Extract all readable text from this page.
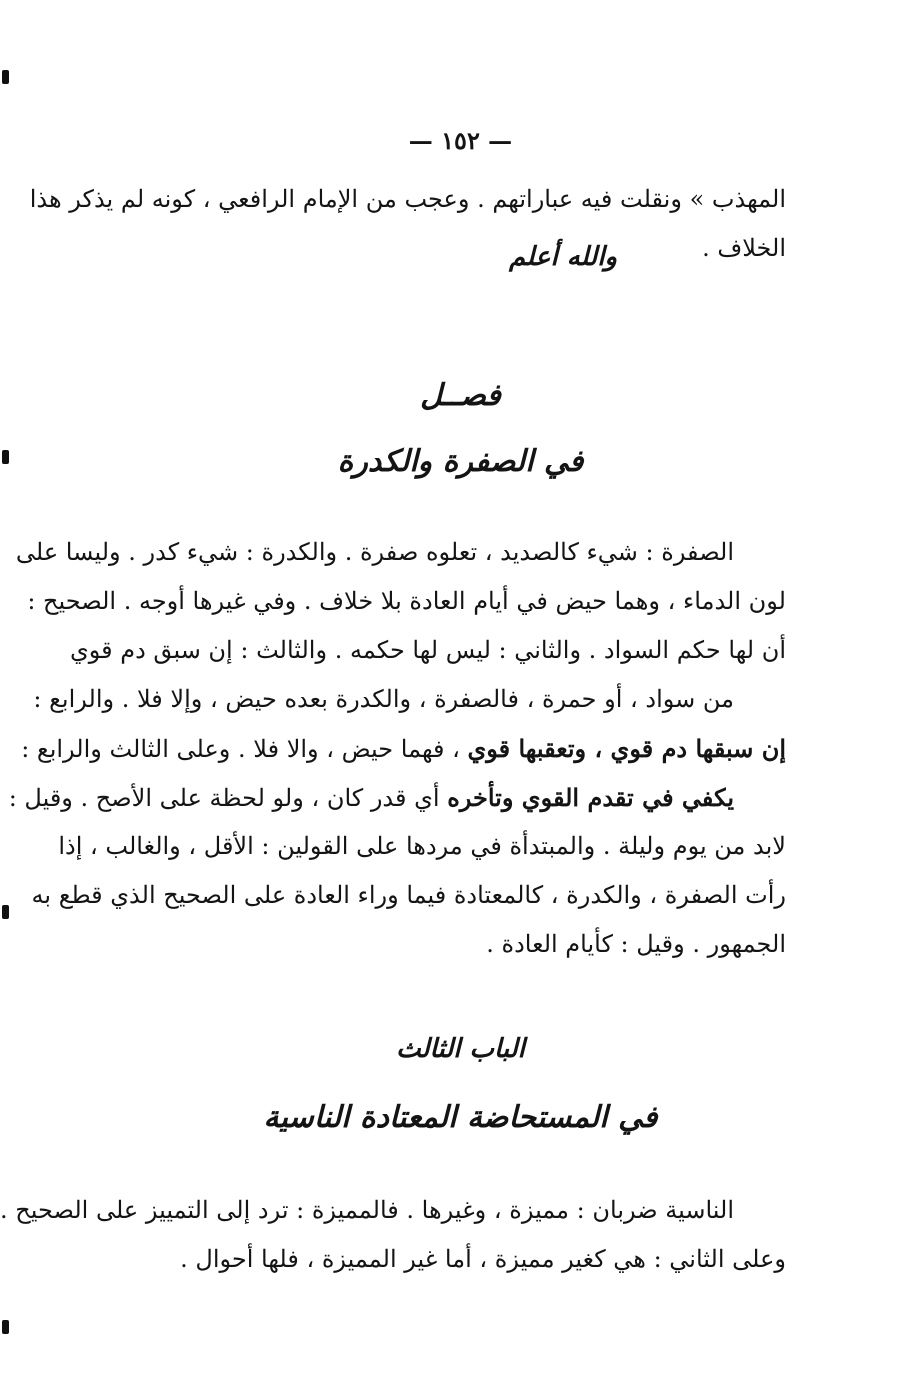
— ١٥٢ —
المهذب » ونقلت فيه عباراتهم . وعجب من الإمام الرافعي ، كونه لم يذكر هذا
الخلاف .
والله أعلم
فصــل
في الصفرة والكدرة
الصفرة : شيء كالصديد ، تعلوه صفرة . والكدرة : شيء كدر . وليسا على
لون الدماء ، وهما حيض في أيام العادة بلا خلاف . وفي غيرها أوجه . الصحيح :
أن لها حكم السواد . والثاني : ليس لها حكمه . والثالث : إن سبق دم قوي
من سواد ، أو حمرة ، فالصفرة ، والكدرة بعده حيض ، وإلا فلا . والرابع :
إن سبقها دم قوي ، وتعقبها قوي ، فهما حيض ، والا فلا . وعلى الثالث والرابع :
يكفي في تقدم القوي وتأخره أي قدر كان ، ولو لحظة على الأصح . وقيل :
لابد من يوم وليلة . والمبتدأة في مردها على القولين : الأقل ، والغالب ، إذا
رأت الصفرة ، والكدرة ، كالمعتادة فيما وراء العادة على الصحيح الذي قطع به
الجمهور . وقيل : كأيام العادة .
الباب الثالث
في المستحاضة المعتادة الناسية
الناسية ضربان : مميزة ، وغيرها . فالمميزة : ترد إلى التمييز على الصحيح .
وعلى الثاني : هي كغير مميزة ، أما غير المميزة ، فلها أحوال .
